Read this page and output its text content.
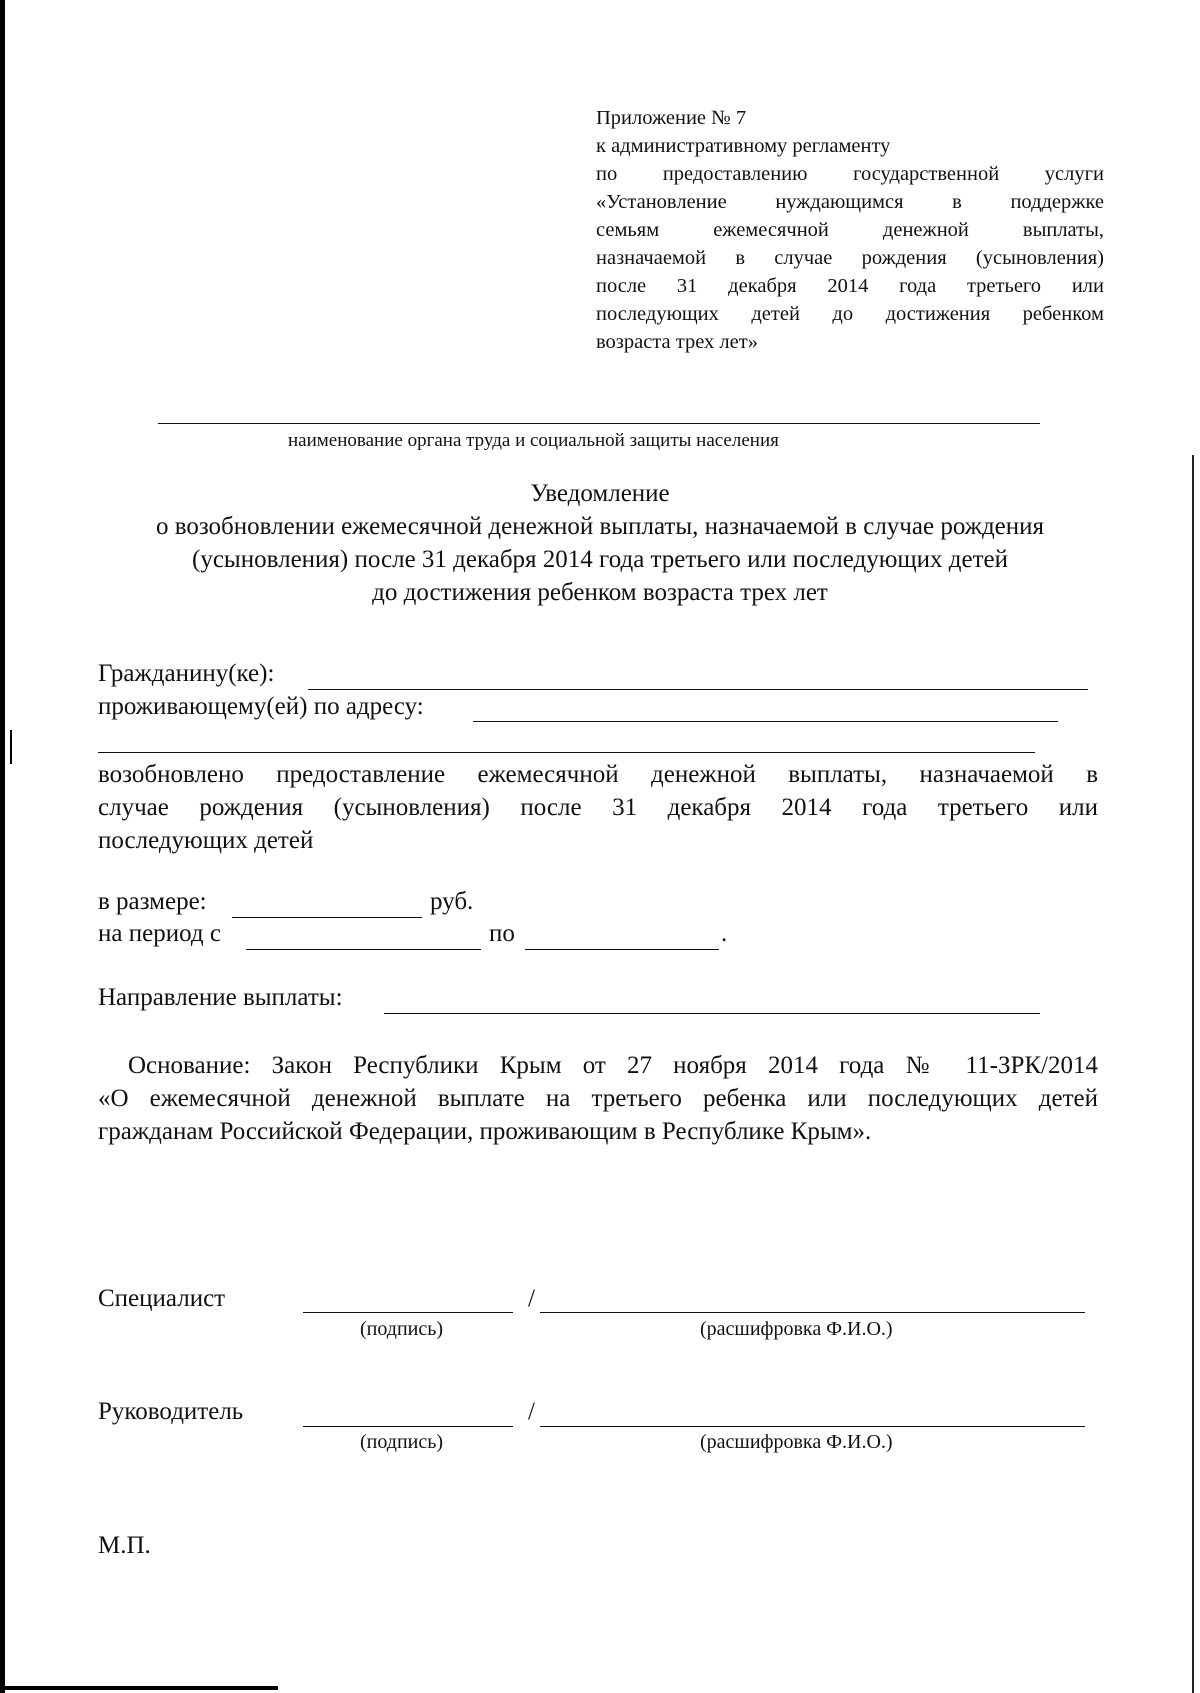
Приложение № 7
к административному регламенту
по предоставлению государственной услуги
«Установление нуждающимся в поддержке
семьям ежемесячной денежной выплаты,
назначаемой в случае рождения (усыновления)
после 31 декабря 2014 года третьего или
последующих детей до достижения ребенком
возраста трех лет»
наименование органа труда и социальной защиты населения
Уведомление
о возобновлении ежемесячной денежной выплаты, назначаемой в случае рождения
(усыновления) после 31 декабря 2014 года третьего или последующих детей
до достижения ребенком возраста трех лет
Гражданину(ке):
проживающему(ей) по адресу:
возобновлено предоставление ежемесячной денежной выплаты, назначаемой в
случае рождения (усыновления) после 31 декабря 2014 года третьего или
последующих детей
в размере:	руб.
на период с	по	.
Направление выплаты:
Основание: Закон Республики Крым от 27 ноября 2014 года № 11-ЗРК/2014
«О ежемесячной денежной выплате на третьего ребенка или последующих детей
гражданам Российской Федерации, проживающим в Республике Крым».
Специалист	/
(подпись)	(расшифровка Ф.И.О.)
Руководитель	/
(подпись)	(расшифровка Ф.И.О.)
М.П.
